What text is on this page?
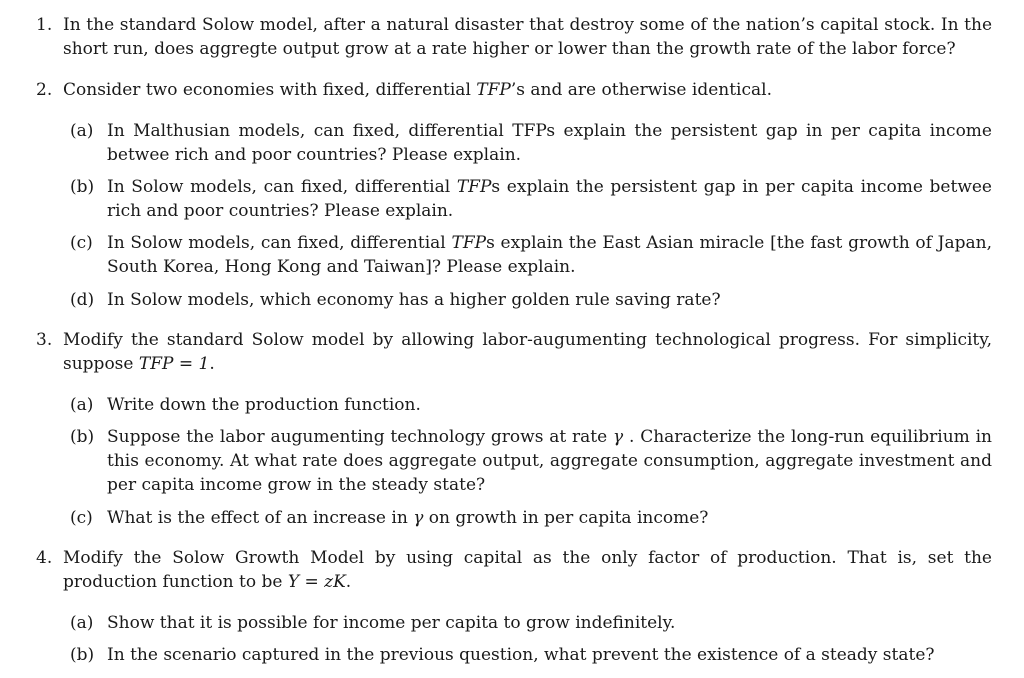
1. In the standard Solow model, after a natural disaster that destroy some of the nation’s capital stock. In the short run, does aggregte output grow at a rate higher or lower than the growth rate of the labor force?
2. Consider two economies with fixed, differential TFP’s and are otherwise identical.
(a) In Malthusian models, can fixed, differential TFPs explain the persistent gap in per capita income betwee rich and poor countries? Please explain.
(b) In Solow models, can fixed, differential TFPs explain the persistent gap in per capita income betwee rich and poor countries? Please explain.
(c) In Solow models, can fixed, differential TFPs explain the East Asian miracle [the fast growth of Japan, South Korea, Hong Kong and Taiwan]? Please explain.
(d) In Solow models, which economy has a higher golden rule saving rate?
3. Modify the standard Solow model by allowing labor-augumenting technological progress. For simplicity, suppose TFP = 1.
(a) Write down the production function.
(b) Suppose the labor augumenting technology grows at rate γ . Characterize the long-run equilibrium in this economy. At what rate does aggregate output, aggregate consumption, aggregate investment and per capita income grow in the steady state?
(c) What is the effect of an increase in γ on growth in per capita income?
4. Modify the Solow Growth Model by using capital as the only factor of production. That is, set the production function to be Y = zK.
(a) Show that it is possible for income per capita to grow indefinitely.
(b) In the scenario captured in the previous question, what prevent the existence of a steady state?
